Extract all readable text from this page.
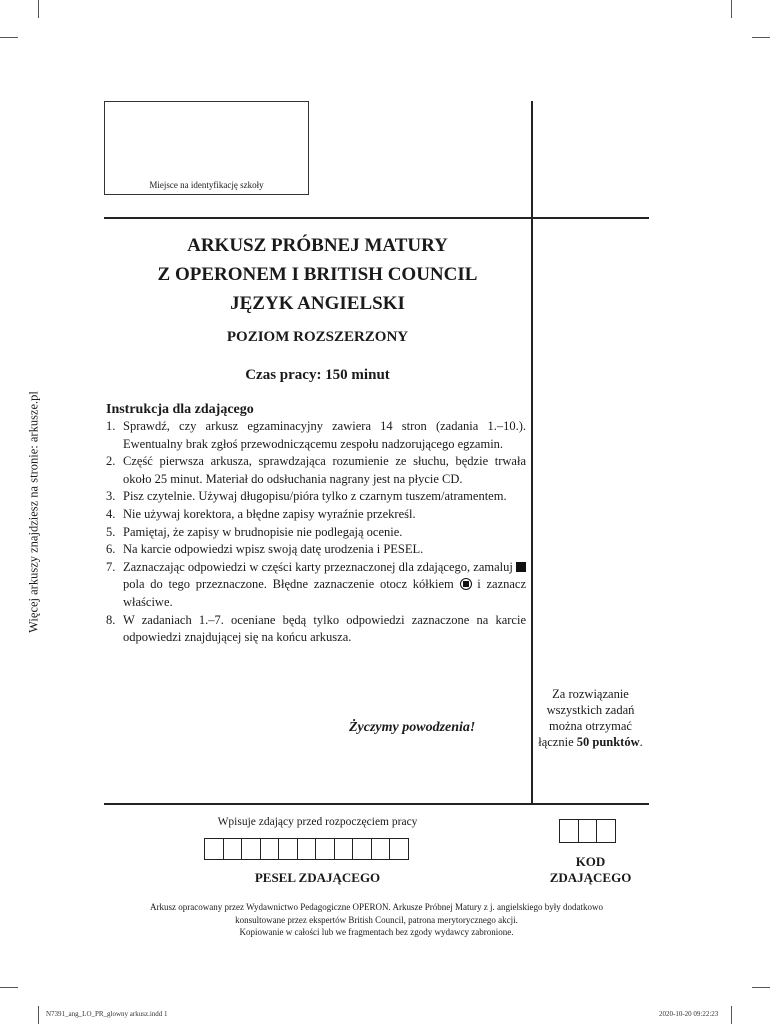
Więcej arkuszy znajdziesz na stronie: arkusze.pl
Miejsce na identyfikację szkoły
ARKUSZ PRÓBNEJ MATURY
Z OPERONEM I BRITISH COUNCIL
JĘZYK ANGIELSKI
POZIOM ROZSZERZONY
Czas pracy: 150 minut
Instrukcja dla zdającego
1. Sprawdź, czy arkusz egzaminacyjny zawiera 14 stron (zadania 1.–10.). Ewentualny brak zgłoś przewodniczącemu zespołu nadzorującego egzamin.
2. Część pierwsza arkusza, sprawdzająca rozumienie ze słuchu, będzie trwała około 25 minut. Materiał do odsłuchania nagrany jest na płycie CD.
3. Pisz czytelnie. Używaj długopisu/pióra tylko z czarnym tuszem/atramentem.
4. Nie używaj korektora, a błędne zapisy wyraźnie przekreśl.
5. Pamiętaj, że zapisy w brudnopisie nie podlegają ocenie.
6. Na karcie odpowiedzi wpisz swoją datę urodzenia i PESEL.
7. Zaznaczając odpowiedzi w części karty przeznaczonej dla zdającego, zamaluj  pola do tego przeznaczone. Błędne zaznaczenie otocz kółkiem i zaznacz właściwe.
8. W zadaniach 1.–7. oceniane będą tylko odpowiedzi zaznaczone na karcie odpowiedzi znajdującej się na końcu arkusza.
Życzymy powodzenia!
Za rozwiązanie
wszystkich zadań
można otrzymać
łącznie 50 punktów.
Wpisuje zdający przed rozpoczęciem pracy
PESEL ZDAJĄCEGO
KOD
ZDAJĄCEGO
Arkusz opracowany przez Wydawnictwo Pedagogiczne OPERON. Arkusze Próbnej Matury z j. angielskiego były dodatkowo
konsultowane przez ekspertów British Council, patrona merytorycznego akcji.
Kopiowanie w całości lub we fragmentach bez zgody wydawcy zabronione.
N7391_ang_LO_PR_glowny arkusz.indd 1	2020-10-20 09:22:23
